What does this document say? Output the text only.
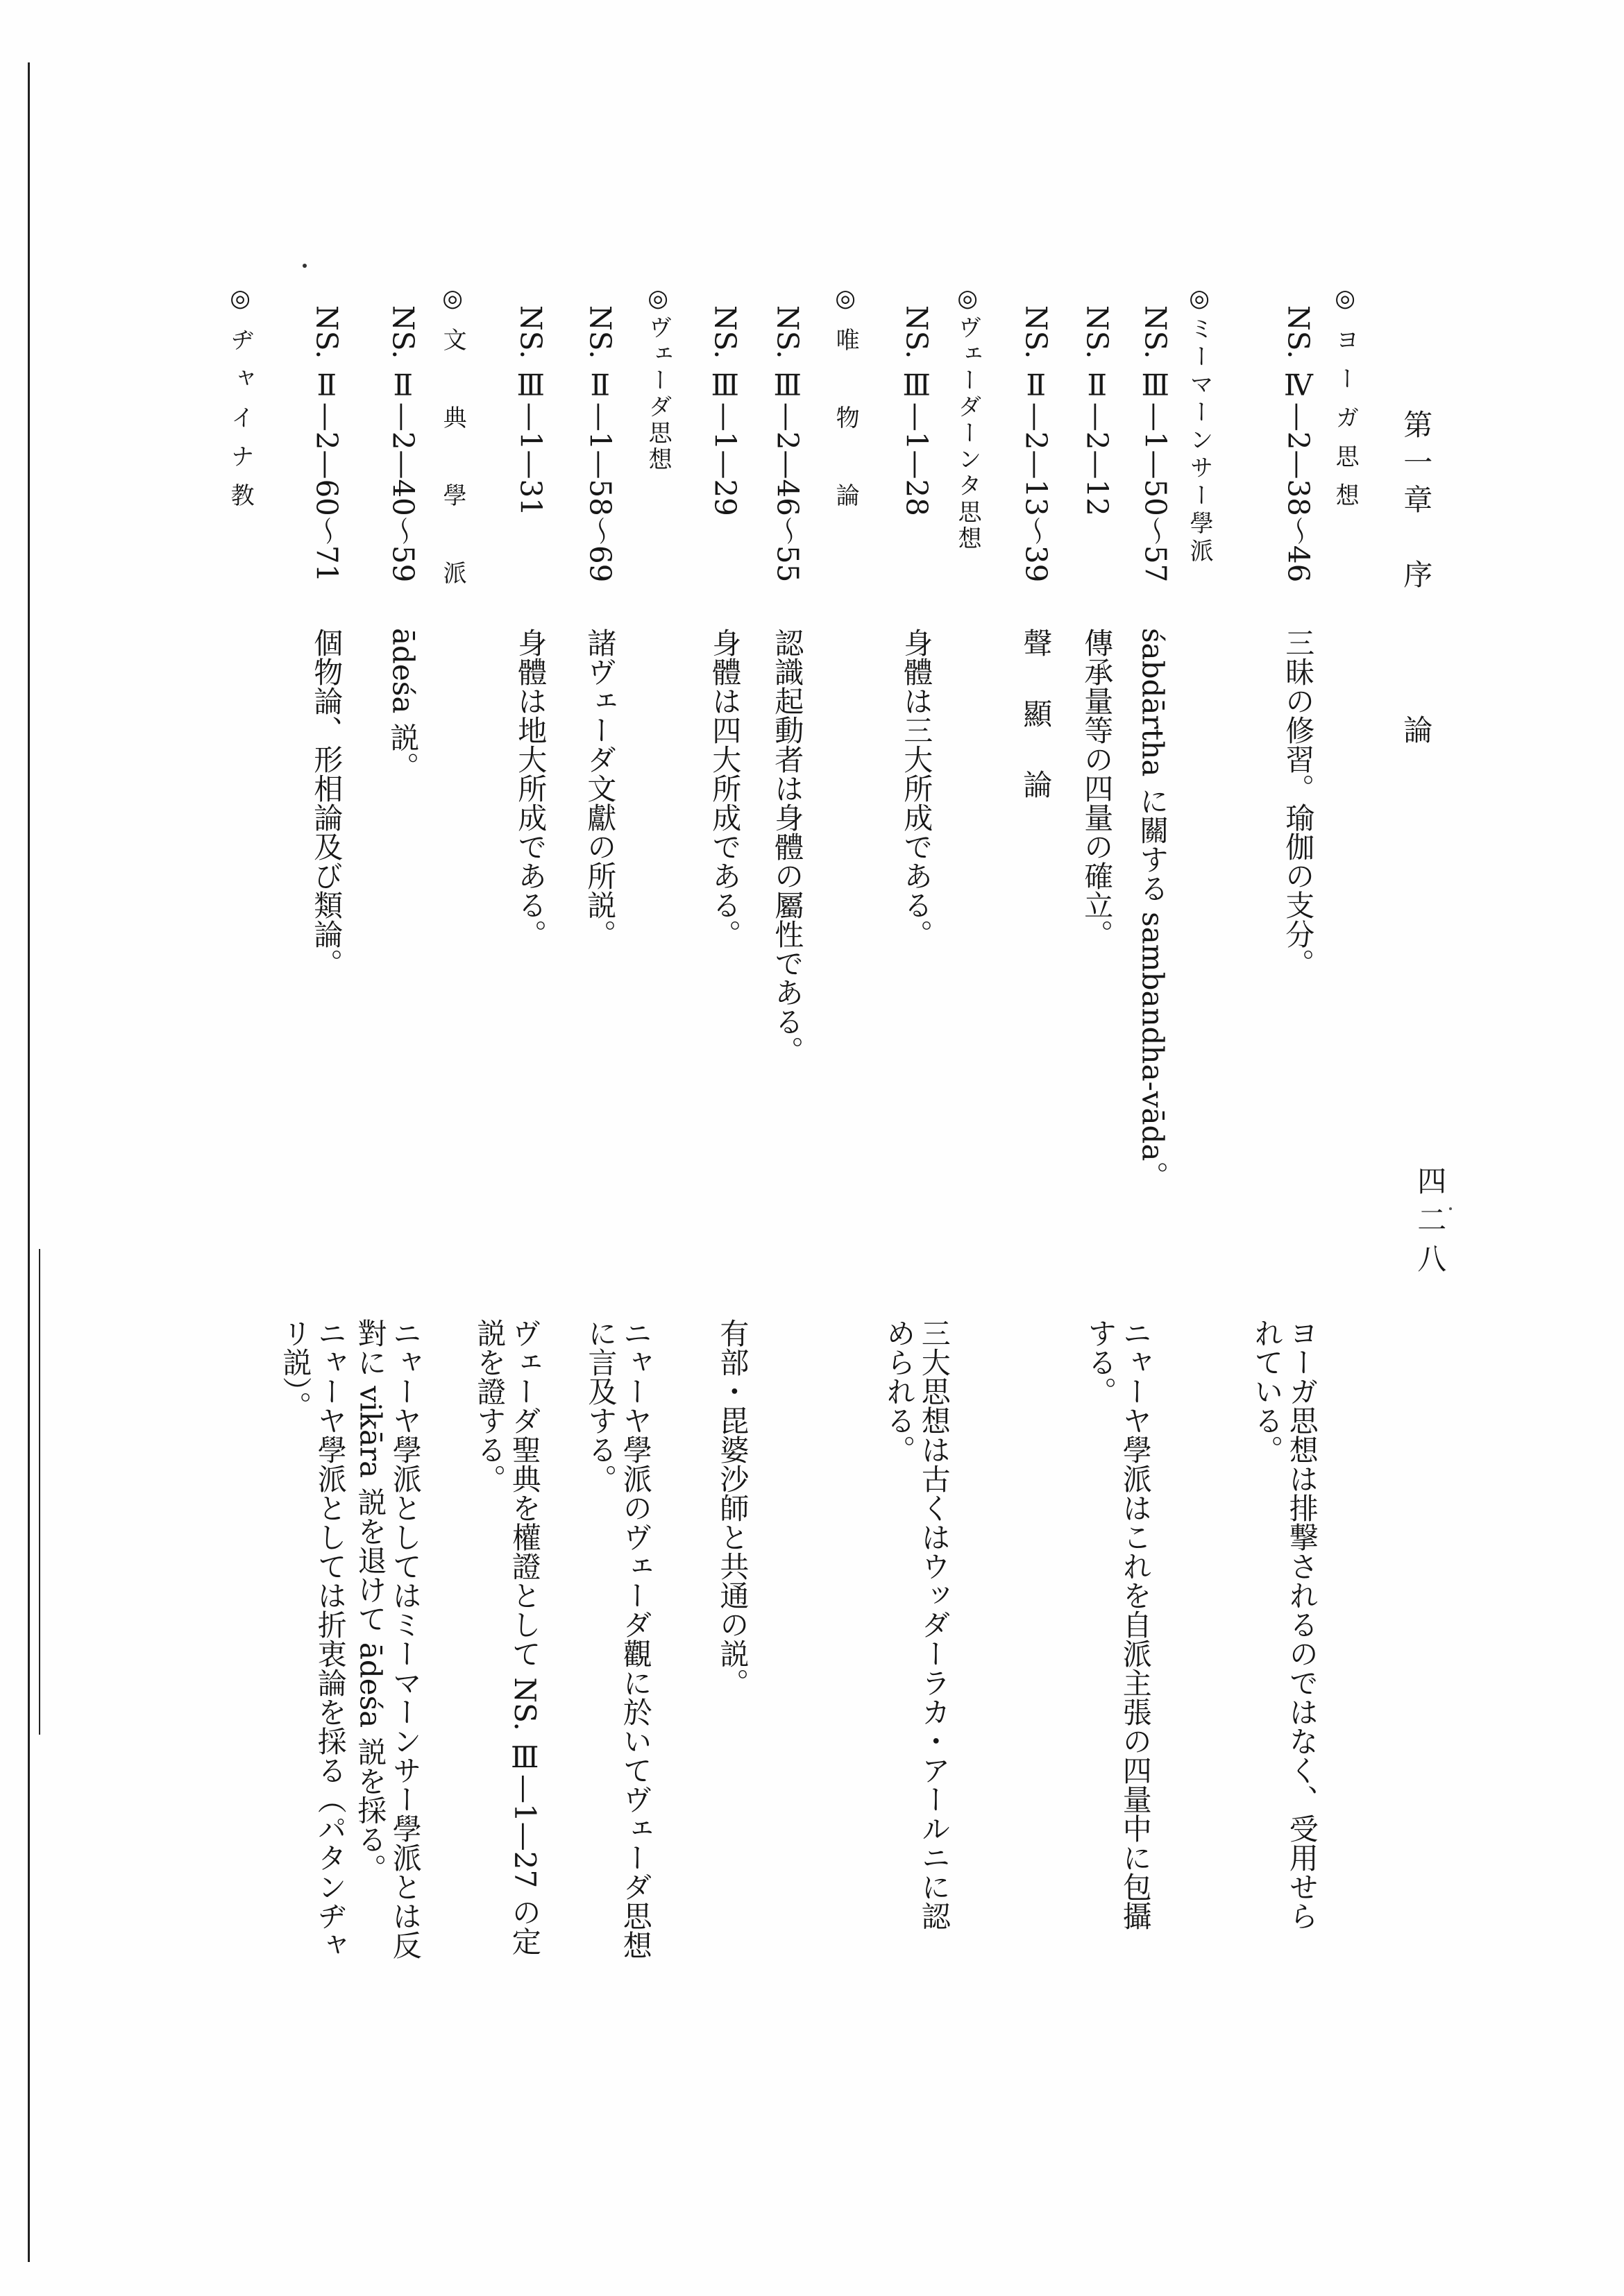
四二八
第一章　序
論
◎ヨーガ思想
NS. Ⅳ—2—38〜46
三昧の修習。瑜伽の支分。
ヨーガ思想は排撃されるのではなく、受用せられている。
◎ミーマーンサー學派
NS. Ⅲ—1—50〜57
śabdārtha に關する sambandha-vāda。
NS. Ⅱ—2—12
傳承量等の四量の確立。
ニャーヤ學派はこれを自派主張の四量中に包攝する。
NS. Ⅱ—2—13〜39
聲顯論
◎ヴェーダーンタ思想
NS. Ⅲ—1—28
身體は三大所成である。
三大思想は古くはウッダーラカ・アールニに認められる。
◎唯　物　論
NS. Ⅲ—2—46〜55
認識起動者は身體の屬性である。
NS. Ⅲ—1—29
身體は四大所成である。
有部・毘婆沙師と共通の説。
◎ヴェーダ思想
NS. Ⅱ—1—58〜69
諸ヴェーダ文獻の所説。
ニャーヤ學派のヴェーダ觀に於いてヴェーダ思想に言及する。
NS. Ⅲ—1—31
身體は地大所成である。
ヴェーダ聖典を權證として NS. Ⅲ—1—27 の定説を證する。
◎文　典　學　派
NS. Ⅱ—2—40〜59
ādeśa 説。
ニャーヤ學派としてはミーマーンサー學派とは反對に vikāra 説を退けて ādeśa 説を採る。
NS. Ⅱ—2—60〜71
個物論、形相論及び類論。
ニャーヤ學派としては折衷論を採る（パタンヂャリ説）。
◎ヂャイナ教
